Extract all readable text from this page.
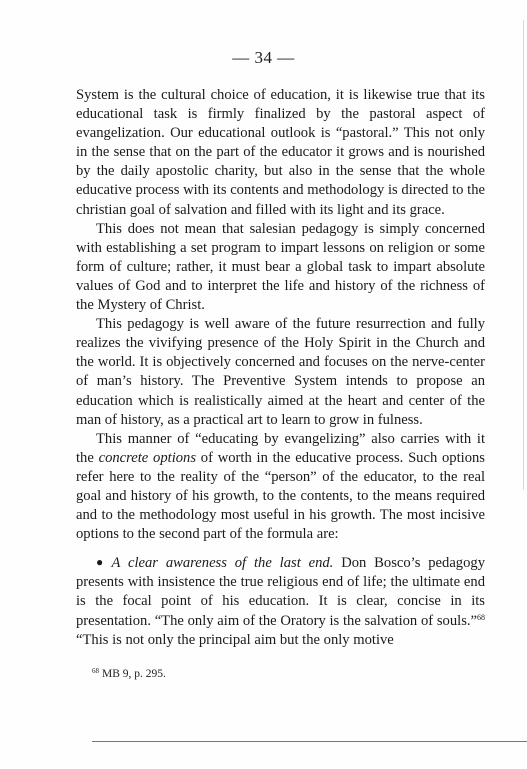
— 34 —

System is the cultural choice of education, it is likewise true that its educational task is firmly finalized by the pastoral aspect of evangelization. Our educational outlook is “pastoral.” This not only in the sense that on the part of the educator it grows and is nourished by the daily apostolic charity, but also in the sense that the whole educative process with its contents and methodology is directed to the christian goal of salvation and filled with its light and its grace.

This does not mean that salesian pedagogy is simply concerned with establishing a set program to impart lessons on religion or some form of culture; rather, it must bear a global task to impart absolute values of God and to interpret the life and history of the richness of the Mystery of Christ.

This pedagogy is well aware of the future resurrection and fully realizes the vivifying presence of the Holy Spirit in the Church and the world. It is objectively concerned and focuses on the nerve-center of man’s history. The Preventive System intends to propose an education which is realistically aimed at the heart and center of the man of history, as a practical art to learn to grow in fulness.

This manner of “educating by evangelizing” also carries with it the concrete options of worth in the educative process. Such options refer here to the reality of the “person” of the educator, to the real goal and history of his growth, to the contents, to the means required and to the methodology most useful in his growth. The most incisive options to the second part of the formula are:

● A clear awareness of the last end. Don Bosco’s pedagogy presents with insistence the true religious end of life; the ultimate end is the focal point of his education. It is clear, concise in its presentation. “The only aim of the Oratory is the salvation of souls.”$^{68}$ “This is not only the principal aim but the only motive

$^{68}$ MB 9, p. 295.
